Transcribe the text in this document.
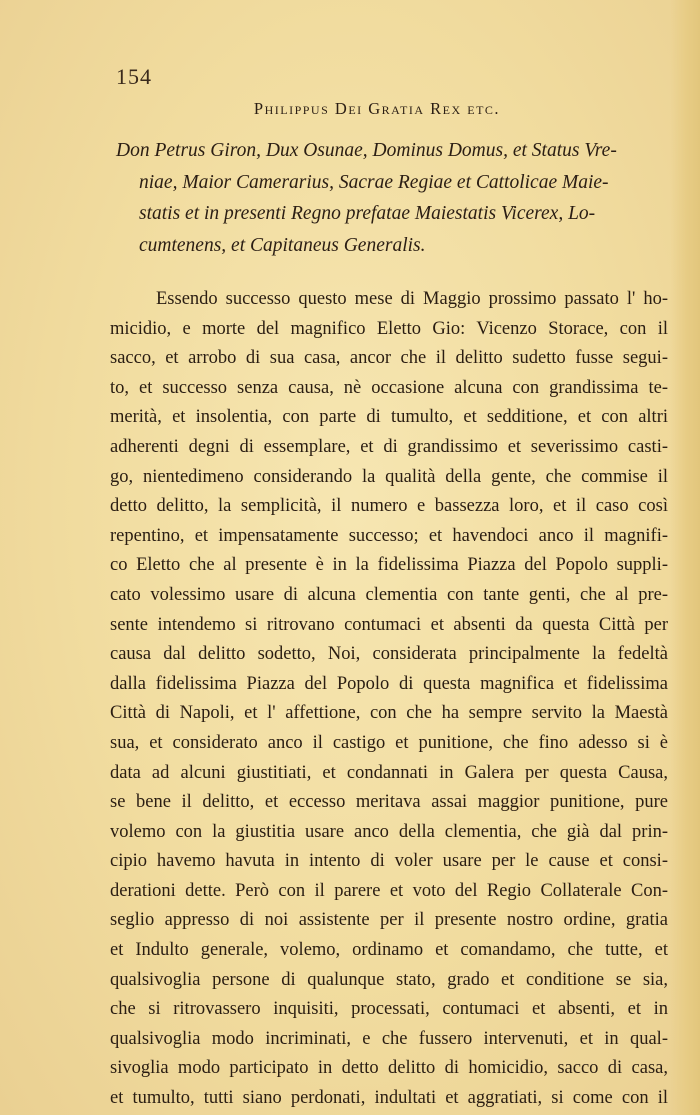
154
Philippus Dei Gratia Rex etc.
Don Petrus Giron, Dux Osunae, Dominus Domus, et Status Vre-
niae, Maior Camerarius, Sacrae Regiae et Cattolicae Maie-
statis et in presenti Regno prefatae Maiestatis Vicerex, Lo-
cumtenens, et Capitaneus Generalis.
Essendo successo questo mese di Maggio prossimo passato l' ho-
micidio, e morte del magnifico Eletto Gio: Vicenzo Storace, con il
sacco, et arrobo di sua casa, ancor che il delitto sudetto fusse segui-
to, et successo senza causa, nè occasione alcuna con grandissima te-
merità, et insolentia, con parte di tumulto, et sedditione, et con altri
adherenti degni di essemplare, et di grandissimo et severissimo casti-
go, nientedimeno considerando la qualità della gente, che commise il
detto delitto, la semplicità, il numero e bassezza loro, et il caso così
repentino, et impensatamente successo; et havendoci anco il magnifi-
co Eletto che al presente è in la fidelissima Piazza del Popolo suppli-
cato volessimo usare di alcuna clementia con tante genti, che al pre-
sente intendemo si ritrovano contumaci et absenti da questa Città per
causa dal delitto sodetto, Noi, considerata principalmente la fedeltà
dalla fidelissima Piazza del Popolo di questa magnifica et fidelissima
Città di Napoli, et l' affettione, con che ha sempre servito la Maestà
sua, et considerato anco il castigo et punitione, che fino adesso si è
data ad alcuni giustitiati, et condannati in Galera per questa Causa,
se bene il delitto, et eccesso meritava assai maggior punitione, pure
volemo con la giustitia usare anco della clementia, che già dal prin-
cipio havemo havuta in intento di voler usare per le cause et consi-
derationi dette. Però con il parere et voto del Regio Collaterale Con-
seglio appresso di noi assistente per il presente nostro ordine, gratia
et Indulto generale, volemo, ordinamo et comandamo, che tutte, et
qualsivoglia persone di qualunque stato, grado et conditione se sia,
che si ritrovassero inquisiti, processati, contumaci et absenti, et in
qualsivoglia modo incriminati, e che fussero intervenuti, et in qual-
sivoglia modo participato in detto delitto di homicidio, sacco di casa,
et tumulto, tutti siano perdonati, indultati et aggratiati, si come con il
